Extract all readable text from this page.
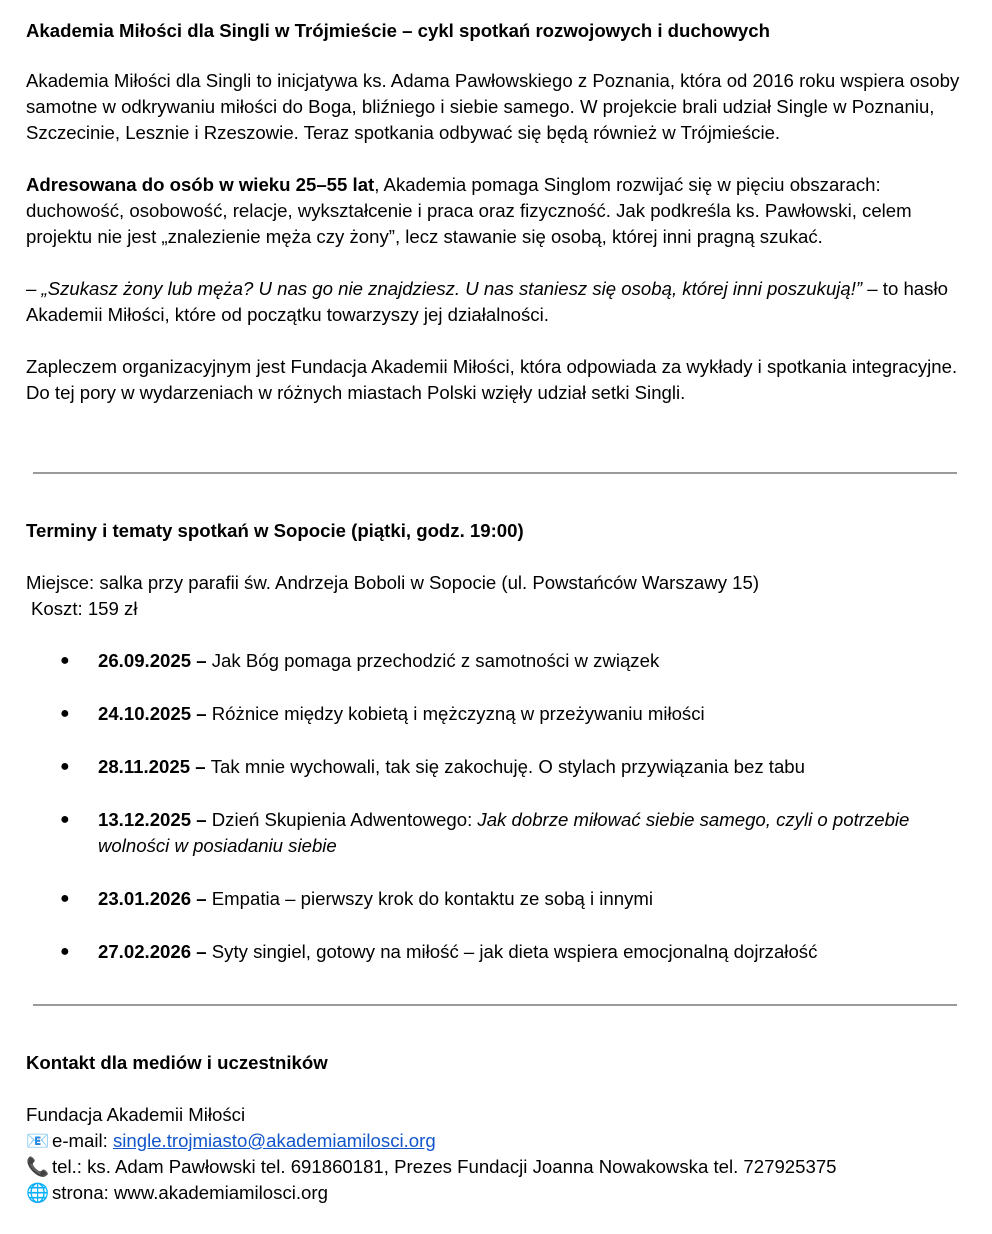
Akademia Miłości dla Singli w Trójmieście – cykl spotkań rozwojowych i duchowych

Akademia Miłości dla Singli to inicjatywa ks. Adama Pawłowskiego z Poznania, która od 2016 roku wspiera osoby samotne w odkrywaniu miłości do Boga, bliźniego i siebie samego. W projekcie brali udział Single w Poznaniu, Szczecinie, Lesznie i Rzeszowie. Teraz spotkania odbywać się będą również w Trójmieście.

Adresowana do osób w wieku 25–55 lat, Akademia pomaga Singlom rozwijać się w pięciu obszarach: duchowość, osobowość, relacje, wykształcenie i praca oraz fizyczność. Jak podkreśla ks. Pawłowski, celem projektu nie jest „znalezienie męża czy żony”, lecz stawanie się osobą, której inni pragną szukać.

– „Szukasz żony lub męża? U nas go nie znajdziesz. U nas staniesz się osobą, której inni poszukują!” – to hasło Akademii Miłości, które od początku towarzyszy jej działalności.

Zapleczem organizacyjnym jest Fundacja Akademii Miłości, która odpowiada za wykłady i spotkania integracyjne. Do tej pory w wydarzeniach w różnych miastach Polski wzięły udział setki Singli.

Terminy i tematy spotkań w Sopocie (piątki, godz. 19:00)

Miejsce: salka przy parafii św. Andrzeja Boboli w Sopocie (ul. Powstańców Warszawy 15)

Koszt: 159 zł

● 26.09.2025 – Jak Bóg pomaga przechodzić z samotności w związek
● 24.10.2025 – Różnice między kobietą i mężczyzną w przeżywaniu miłości
● 28.11.2025 – Tak mnie wychowali, tak się zakochuję. O stylach przywiązania bez tabu
● 13.12.2025 – Dzień Skupienia Adwentowego: Jak dobrze miłować siebie samego, czyli o potrzebie wolności w posiadaniu siebie
● 23.01.2026 – Empatia – pierwszy krok do kontaktu ze sobą i innymi
● 27.02.2026 – Syty singiel, gotowy na miłość – jak dieta wspiera emocjonalną dojrzałość

Kontakt dla mediów i uczestników

Fundacja Akademii Miłości

📧 e-mail: single.trojmiasto@akademiamilosci.org

📞 tel.: ks. Adam Pawłowski tel. 691860181, Prezes Fundacji Joanna Nowakowska tel. 727925375

🌐 strona: www.akademiamilosci.org
